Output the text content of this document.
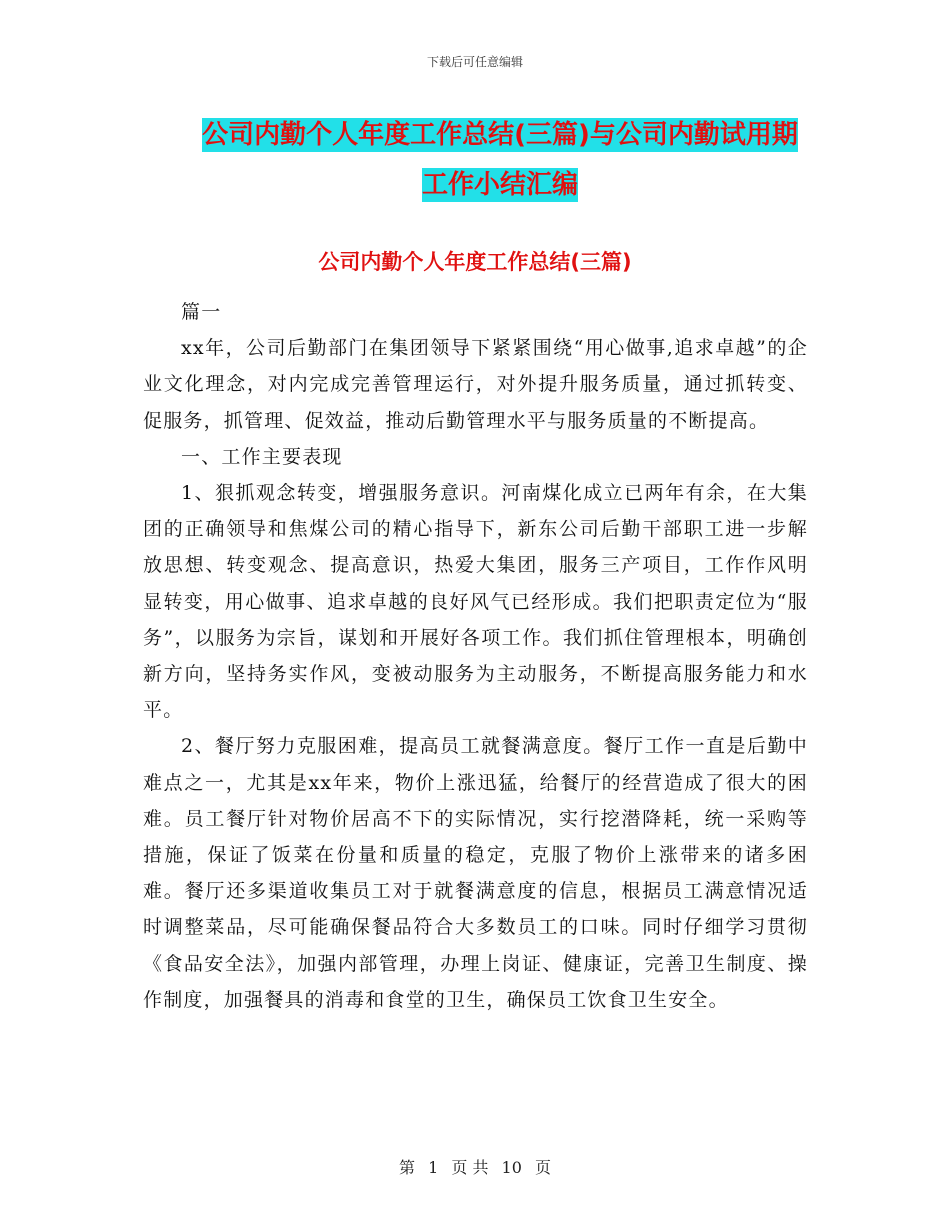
下载后可任意编辑
公司内勤个人年度工作总结(三篇)与公司内勤试用期
工作小结汇编
公司内勤个人年度工作总结(三篇)

篇一

xx年，公司后勤部门在集团领导下紧紧围绕“用心做事,追求卓越”的企业文化理念，对内完成完善管理运行，对外提升服务质量，通过抓转变、促服务，抓管理、促效益，推动后勤管理水平与服务质量的不断提高。

一、工作主要表现

1、狠抓观念转变，增强服务意识。河南煤化成立已两年有余，在大集团的正确领导和焦煤公司的精心指导下，新东公司后勤干部职工进一步解放思想、转变观念、提高意识，热爱大集团，服务三产项目，工作作风明显转变，用心做事、追求卓越的良好风气已经形成。我们把职责定位为“服务”，以服务为宗旨，谋划和开展好各项工作。我们抓住管理根本，明确创新方向，坚持务实作风，变被动服务为主动服务，不断提高服务能力和水平。

2、餐厅努力克服困难，提高员工就餐满意度。餐厅工作一直是后勤中难点之一，尤其是xx年来，物价上涨迅猛，给餐厅的经营造成了很大的困难。员工餐厅针对物价居高不下的实际情况，实行挖潜降耗，统一采购等措施，保证了饭菜在份量和质量的稳定，克服了物价上涨带来的诸多困难。餐厅还多渠道收集员工对于就餐满意度的信息，根据员工满意情况适时调整菜品，尽可能确保餐品符合大多数员工的口味。同时仔细学习贯彻《食品安全法》，加强内部管理，办理上岗证、健康证，完善卫生制度、操作制度，加强餐具的消毒和食堂的卫生，确保员工饮食卫生安全。

第 1 页 共 10 页
